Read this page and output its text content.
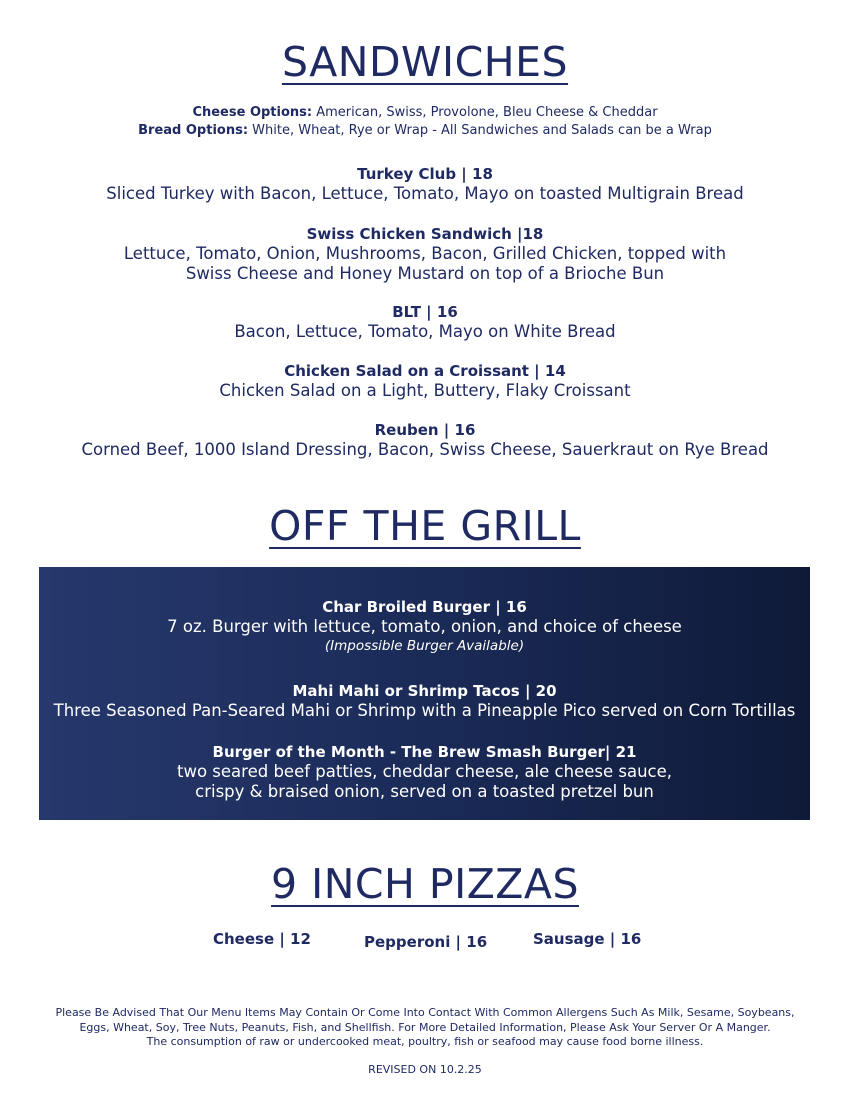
SANDWICHES
Cheese Options: American, Swiss, Provolone, Bleu Cheese & Cheddar
Bread Options: White, Wheat, Rye or Wrap - All Sandwiches and Salads can be a Wrap
Turkey Club | 18
Sliced Turkey with Bacon, Lettuce, Tomato, Mayo on toasted Multigrain Bread
Swiss Chicken Sandwich |18
Lettuce, Tomato, Onion, Mushrooms, Bacon, Grilled Chicken, topped with
Swiss Cheese and Honey Mustard on top of a Brioche Bun
BLT | 16
Bacon, Lettuce, Tomato, Mayo on White Bread
Chicken Salad on a Croissant | 14
Chicken Salad on a Light, Buttery, Flaky Croissant
Reuben | 16
Corned Beef, 1000 Island Dressing, Bacon, Swiss Cheese, Sauerkraut on Rye Bread
OFF THE GRILL
Char Broiled Burger | 16
7 oz. Burger with lettuce, tomato, onion, and choice of cheese
(Impossible Burger Available)
Mahi Mahi or Shrimp Tacos | 20
Three Seasoned Pan-Seared Mahi or Shrimp with a Pineapple Pico served on Corn Tortillas
Burger of the Month - The Brew Smash Burger| 21
two seared beef patties, cheddar cheese, ale cheese sauce,
crispy & braised onion, served on a toasted pretzel bun
9 INCH PIZZAS
Cheese | 12	Pepperoni | 16	Sausage | 16
Please Be Advised That Our Menu Items May Contain Or Come Into Contact With Common Allergens Such As Milk, Sesame, Soybeans,
Eggs, Wheat, Soy, Tree Nuts, Peanuts, Fish, and Shellfish. For More Detailed Information, Please Ask Your Server Or A Manger.
The consumption of raw or undercooked meat, poultry, fish or seafood may cause food borne illness.
REVISED ON 10.2.25
